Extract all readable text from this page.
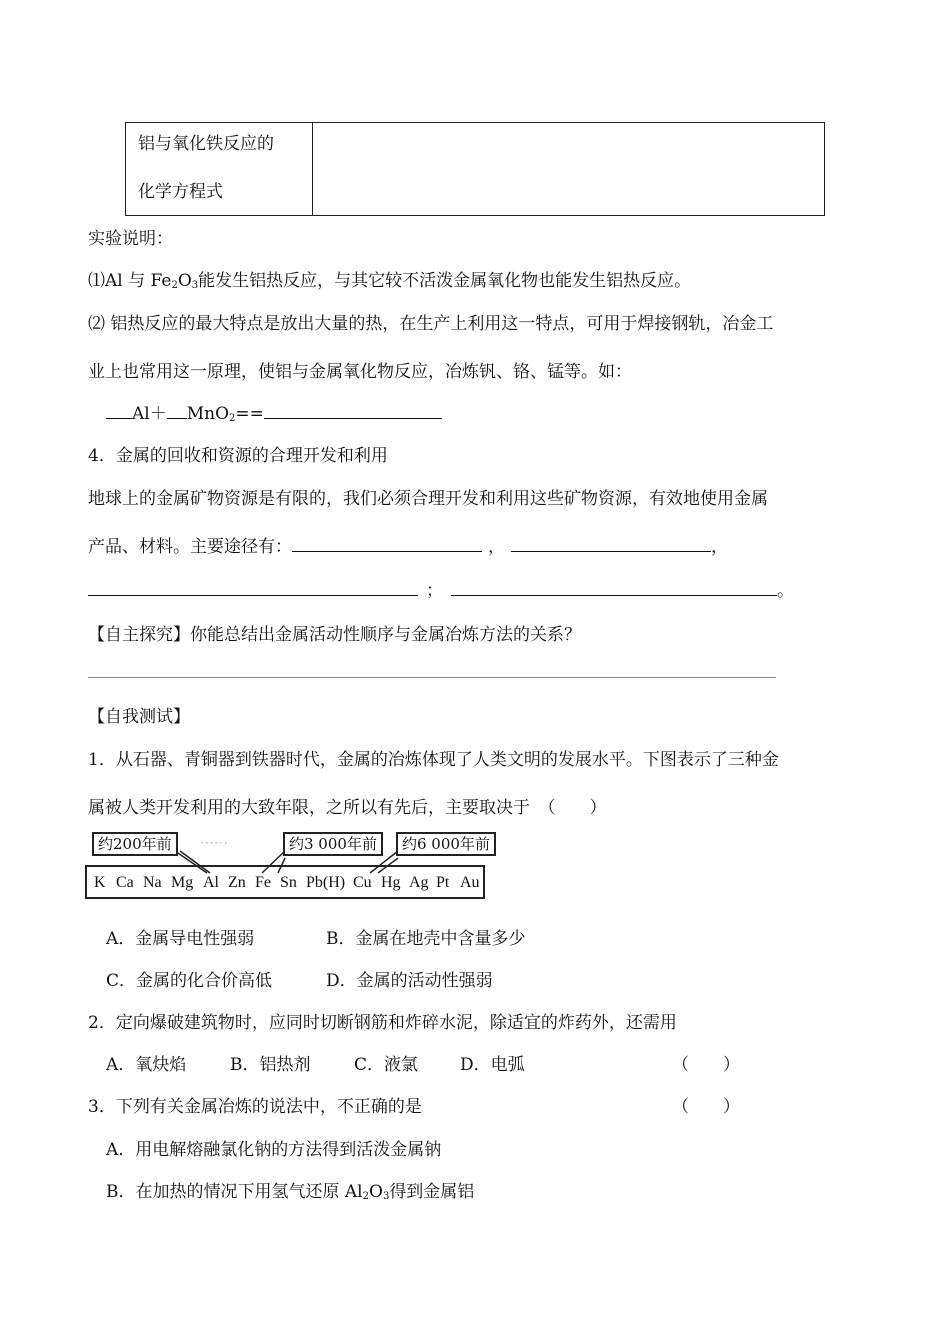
铝与氧化铁反应的
化学方程式

实验说明：
⑴Al 与 $Fe_2O_3$能发生铝热反应，与其它较不活泼金属氧化物也能发生铝热反应。
⑵ 铝热反应的最大特点是放出大量的热，在生产上利用这一特点，可用于焊接钢轨，冶金工
业上也常用这一原理，使铝与金属氧化物反应，冶炼钒、铬、锰等。如：
Al＋ MnO$_2$==
4．金属的回收和资源的合理开发和利用
地球上的金属矿物资源是有限的，我们必须合理开发和利用这些矿物资源，有效地使用金属
产品、材料。主要途径有：	，	，
；	。
【自主探究】你能总结出金属活动性顺序与金属冶炼方法的关系？
【自我测试】
1．从石器、青铜器到铁器时代，金属的冶炼体现了人类文明的发展水平。下图表示了三种金
属被人类开发利用的大致年限，之所以有先后，主要取决于　（　　）
约200年前	⋯⋯	约3 000年前	约6 000年前
K Ca Na Mg Al Zn Fe Sn Pb(H) Cu Hg Ag Pt Au
A．金属导电性强弱	B．金属在地壳中含量多少
C．金属的化合价高低	D．金属的活动性强弱
2．定向爆破建筑物时，应同时切断钢筋和炸碎水泥，除适宜的炸药外，还需用
A．氧炔焰	B．铝热剂	C．液氯 D．电弧	（　　）
3．下列有关金属冶炼的说法中，不正确的是	（　　）
A．用电解熔融氯化钠的方法得到活泼金属钠
B．在加热的情况下用氢气还原 $Al_2O_3$得到金属铝
